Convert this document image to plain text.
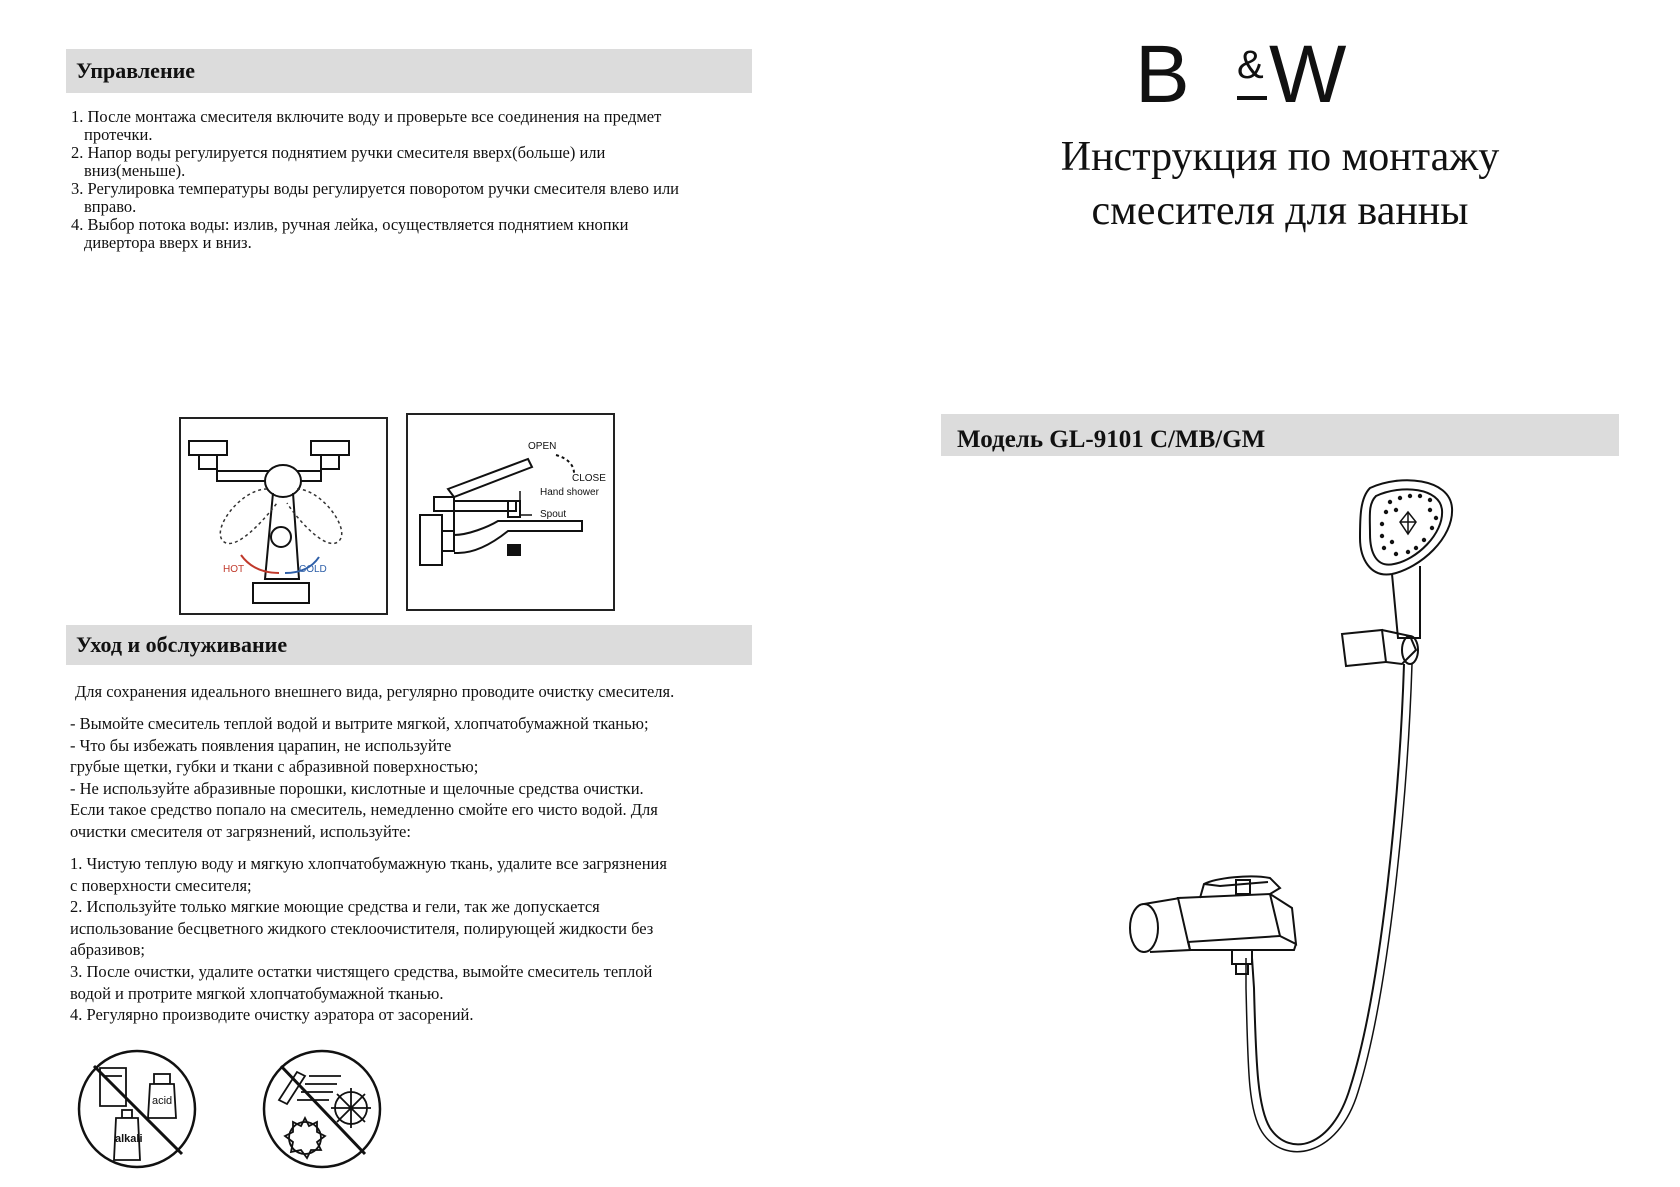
Управление

1. После монтажа смесителя включите воду и проверьте все соединения на предмет

протечки.

2. Напор воды регулируется поднятием ручки смесителя вверх(больше) или

вниз(меньше).

3. Регулировка температуры воды регулируется поворотом ручки смесителя влево или

вправо.

4. Выбор потока воды: излив, ручная лейка, осуществляется поднятием кнопки

дивертора вверх и вниз.

HOT	COLD
OPEN
CLOSE
Hand shower
Spout
Уход и обслуживание

Для сохранения идеального внешнего вида, регулярно проводите очистку смесителя.

- Вымойте смеситель теплой водой и вытрите мягкой, хлопчатобумажной тканью;

- Что бы избежать появления царапин, не используйте

грубые щетки, губки и ткани с абразивной поверхностью;

- Не используйте абразивные порошки, кислотные и щелочные средства очистки.

Если такое средство попало на смеситель, немедленно смойте его чисто водой. Для

очистки смесителя от загрязнений, используйте:

1. Чистую теплую воду и мягкую хлопчатобумажную ткань, удалите все загрязнения

с поверхности смесителя;

2. Используйте только мягкие моющие средства и гели, так же допускается

использование бесцветного жидкого стеклоочистителя, полирующей жидкости без

абразивов;

3. После очистки, удалите остатки чистящего средства, вымойте смеситель теплой

водой и протрите мягкой хлопчатобумажной тканью.

4. Регулярно производите очистку аэратора от засорений.

acid
alkali
B & W
Инструкция по монтажу
смесителя для ванны
Модель GL-9101 C/MB/GM
